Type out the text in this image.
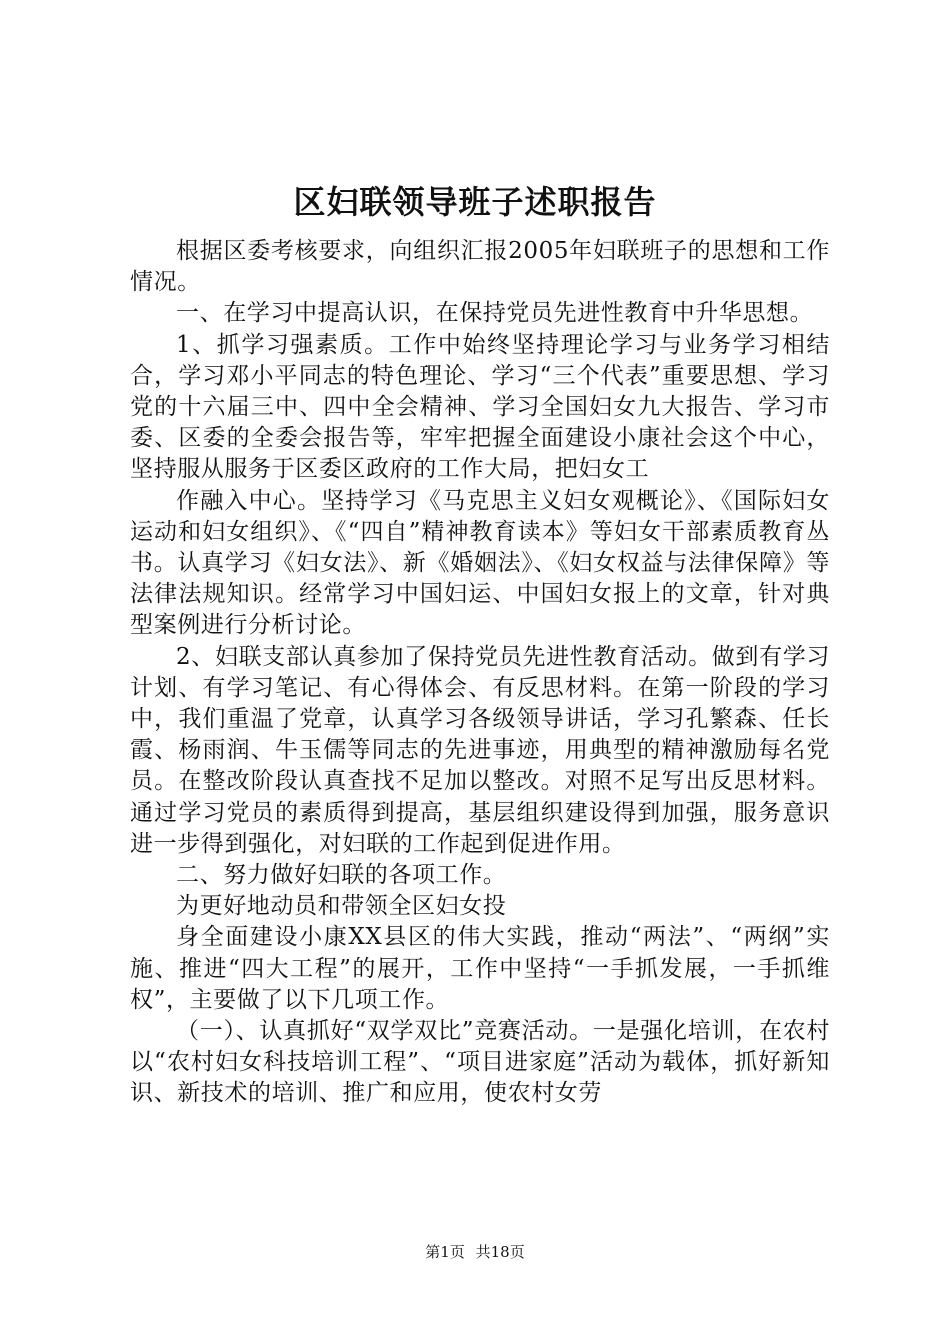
区妇联领导班子述职报告

根据区委考核要求，向组织汇报2005年妇联班子的思想和工作情况。

一、在学习中提高认识，在保持党员先进性教育中升华思想。

1、抓学习强素质。工作中始终坚持理论学习与业务学习相结合，学习邓小平同志的特色理论、学习“三个代表”重要思想、学习党的十六届三中、四中全会精神、学习全国妇女九大报告、学习市委、区委的全委会报告等，牢牢把握全面建设小康社会这个中心，坚持服从服务于区委区政府的工作大局，把妇女工

作融入中心。坚持学习《马克思主义妇女观概论》、《国际妇女运动和妇女组织》、《“四自”精神教育读本》等妇女干部素质教育丛书。认真学习《妇女法》、新《婚姻法》、《妇女权益与法律保障》等法律法规知识。经常学习中国妇运、中国妇女报上的文章，针对典型案例进行分析讨论。

2、妇联支部认真参加了保持党员先进性教育活动。做到有学习计划、有学习笔记、有心得体会、有反思材料。在第一阶段的学习中，我们重温了党章，认真学习各级领导讲话，学习孔繁森、任长霞、杨雨润、牛玉儒等同志的先进事迹，用典型的精神激励每名党员。在整改阶段认真查找不足加以整改。对照不足写出反思材料。通过学习党员的素质得到提高，基层组织建设得到加强，服务意识进一步得到强化，对妇联的工作起到促进作用。

二、努力做好妇联的各项工作。

为更好地动员和带领全区妇女投

身全面建设小康XX县区的伟大实践，推动“两法”、“两纲”实施、推进“四大工程”的展开，工作中坚持“一手抓发展，一手抓维权”，主要做了以下几项工作。

（一）、认真抓好“双学双比”竞赛活动。一是强化培训，在农村以“农村妇女科技培训工程”、“项目进家庭”活动为载体，抓好新知识、新技术的培训、推广和应用，使农村女劳

第1页 共18页
